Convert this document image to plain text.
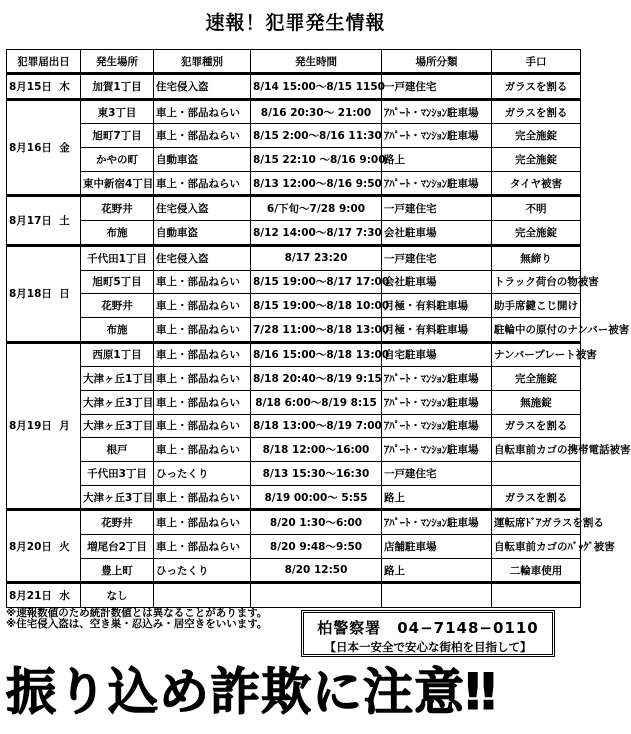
速報！犯罪発生情報
犯罪届出日	発生場所	犯罪種別	発生時間	場所分類	手口
8月15日 木	加賀1丁目	住宅侵入盗	8/14 15:00〜8/15 1150	一戸建住宅	ガラスを割る
8月16日 金	東3丁目	車上・部品ねらい	8/16 20:30〜 21:00	ｱﾊﾟｰﾄ・ﾏﾝｼｮﾝ駐車場	ガラスを割る
	旭町7丁目	車上・部品ねらい	8/15 2:00〜8/16 11:30	ｱﾊﾟｰﾄ・ﾏﾝｼｮﾝ駐車場	完全施錠
	かやの町	自動車盗	8/15 22:10 〜8/16 9:00	路上	完全施錠
	東中新宿4丁目	車上・部品ねらい	8/13 12:00〜8/16 9:50	ｱﾊﾟｰﾄ・ﾏﾝｼｮﾝ駐車場	タイヤ被害
8月17日 土	花野井	住宅侵入盗	6/下旬〜7/28 9:00	一戸建住宅	不明
	布施	自動車盗	8/12 14:00〜8/17 7:30	会社駐車場	完全施錠
8月18日 日	千代田1丁目	住宅侵入盗	8/17 23:20	一戸建住宅	無締り
	旭町5丁目	車上・部品ねらい	8/15 19:00〜8/17 17:00	会社駐車場	トラック荷台の物被害
	花野井	車上・部品ねらい	8/15 19:00〜8/18 10:00	月極・有料駐車場	助手席鍵こじ開け
	布施	車上・部品ねらい	7/28 11:00〜8/18 13:00	月極・有料駐車場	駐輪中の原付のナンバー被害
8月19日 月	西原1丁目	車上・部品ねらい	8/16 15:00〜8/18 13:00	自宅駐車場	ナンバープレート被害
	大津ヶ丘1丁目	車上・部品ねらい	8/18 20:40〜8/19 9:15	ｱﾊﾟｰﾄ・ﾏﾝｼｮﾝ駐車場	完全施錠
	大津ヶ丘3丁目	車上・部品ねらい	8/18 6:00〜8/19 8:15	ｱﾊﾟｰﾄ・ﾏﾝｼｮﾝ駐車場	無施錠
	大津ヶ丘3丁目	車上・部品ねらい	8/18 13:00〜8/19 7:00	ｱﾊﾟｰﾄ・ﾏﾝｼｮﾝ駐車場	ガラスを割る
	根戸	車上・部品ねらい	8/18 12:00〜16:00	ｱﾊﾟｰﾄ・ﾏﾝｼｮﾝ駐車場	自転車前カゴの携帯電話被害
	千代田3丁目	ひったくり	8/13 15:30〜16:30	一戸建住宅	
	大津ヶ丘3丁目	車上・部品ねらい	8/19 00:00〜 5:55	路上	ガラスを割る
8月20日 火	花野井	車上・部品ねらい	8/20 1:30〜6:00	ｱﾊﾟｰﾄ・ﾏﾝｼｮﾝ駐車場	運転席ﾄﾞｱガラスを割る
	増尾台2丁目	車上・部品ねらい	8/20 9:48〜9:50	店舗駐車場	自転車前カゴのﾊﾞｯｸﾞ被害
	豊上町	ひったくり	8/20 12:50	路上	二輪車使用
8月21日 水	なし				
※速報数値のため統計数値とは異なることがあります。
※住宅侵入盗は、空き巣・忍込み・居空きをいいます。	柏警察署　04−7148−0110
【日本一安全で安心な街柏を目指して】
振り込め詐欺に注意‼
